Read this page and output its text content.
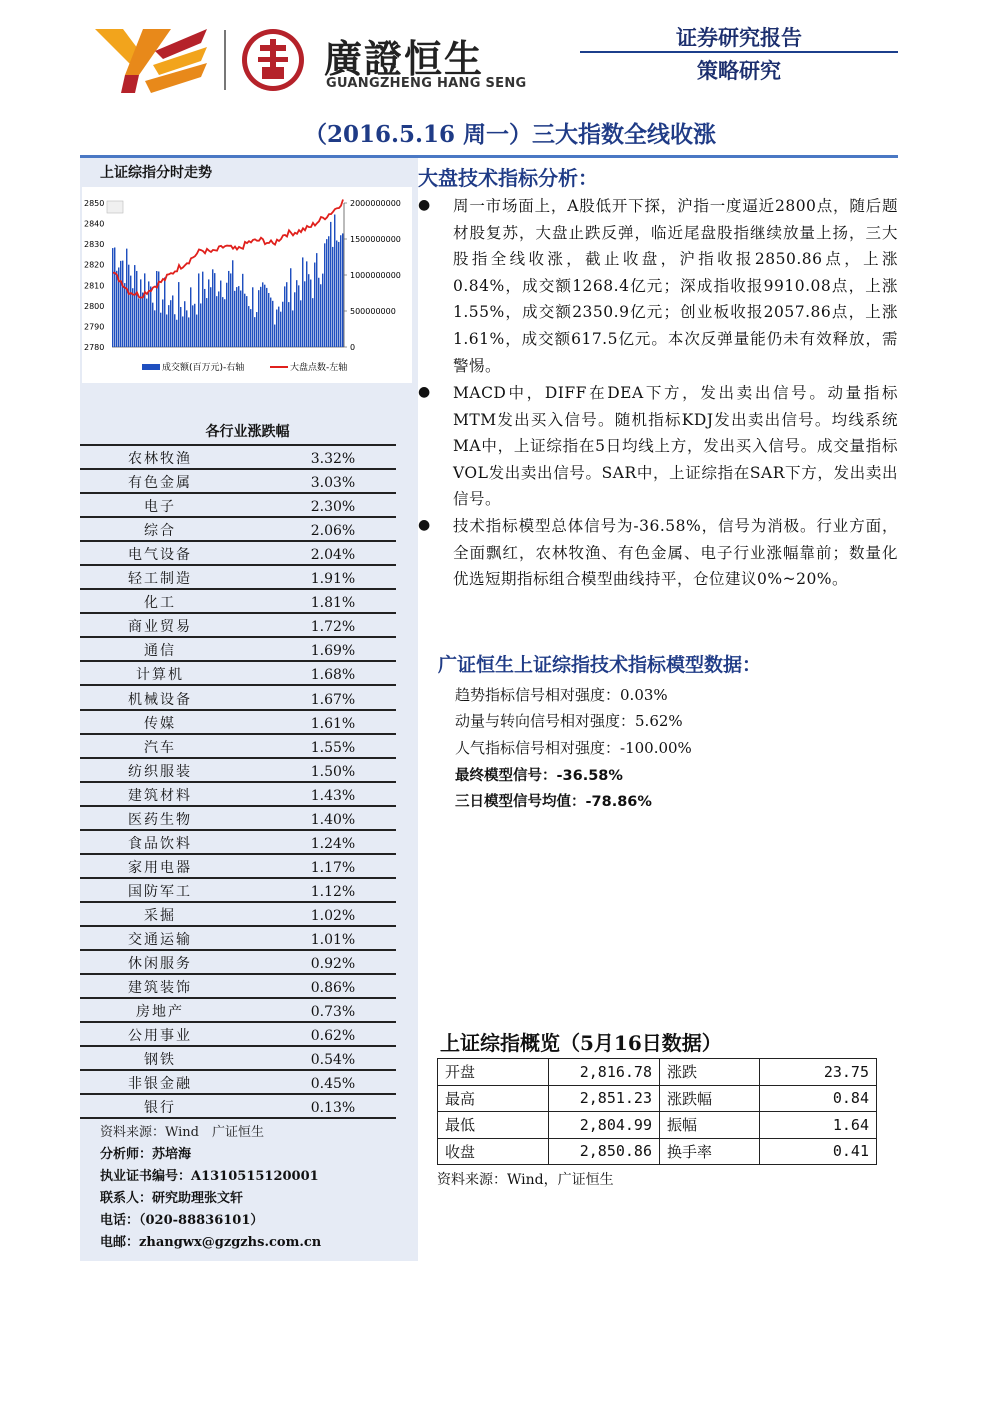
廣證恒生
GUANGZHENG HANG SENG
证券研究报告
策略研究
（2016.5.16 周一）三大指数全线收涨
上证综指分时走势
2850
2840
2830
2820
2810
2800
2790
2780
2000000000
1500000000
1000000000
500000000
0
成交额(百万元)-右轴	大盘点数-左轴
各行业涨跌幅
农林牧渔	3.32%
有色金属	3.03%
电子	2.30%
综合	2.06%
电气设备	2.04%
轻工制造	1.91%
化工	1.81%
商业贸易	1.72%
通信	1.69%
计算机	1.68%
机械设备	1.67%
传媒	1.61%
汽车	1.55%
纺织服装	1.50%
建筑材料	1.43%
医药生物	1.40%
食品饮料	1.24%
家用电器	1.17%
国防军工	1.12%
采掘	1.02%
交通运输	1.01%
休闲服务	0.92%
建筑装饰	0.86%
房地产	0.73%
公用事业	0.62%
钢铁	0.54%
非银金融	0.45%
银行	0.13%
资料来源：Wind　广证恒生
分析师：苏培海
执业证书编号：A1310515120001
联系人：研究助理张文轩
电话：（020-88836101）
电邮：zhangwx@gzgzhs.com.cn
大盘技术指标分析：
● 周一市场面上，A股低开下探，沪指一度逼近2800点，随后题材股复苏，大盘止跌反弹，临近尾盘股指继续放量上扬，三大股指全线收涨，截止收盘，沪指收报2850.86点，上涨0.84%，成交额1268.4亿元；深成指收报9910.08点，上涨1.55%，成交额2350.9亿元；创业板收报2057.86点，上涨1.61%，成交额617.5亿元。本次反弹量能仍未有效释放，需警惕。
● MACD中，DIFF在DEA下方，发出卖出信号。动量指标MTM发出买入信号。随机指标KDJ发出卖出信号。均线系统MA中，上证综指在5日均线上方，发出买入信号。成交量指标VOL发出卖出信号。SAR中，上证综指在SAR下方，发出卖出信号。
● 技术指标模型总体信号为-36.58%，信号为消极。行业方面，全面飘红，农林牧渔、有色金属、电子行业涨幅靠前；数量化优选短期指标组合模型曲线持平，仓位建议0%~20%。
广证恒生上证综指技术指标模型数据：
趋势指标信号相对强度：0.03%
动量与转向信号相对强度：5.62%
人气指标信号相对强度：-100.00%
最终模型信号：-36.58%
三日模型信号均值：-78.86%
上证综指概览（5月16日数据）
开盘	2,816.78	涨跌	23.75
最高	2,851.23	涨跌幅	0.84
最低	2,804.99	振幅	1.64
收盘	2,850.86	换手率	0.41
资料来源：Wind，广证恒生
